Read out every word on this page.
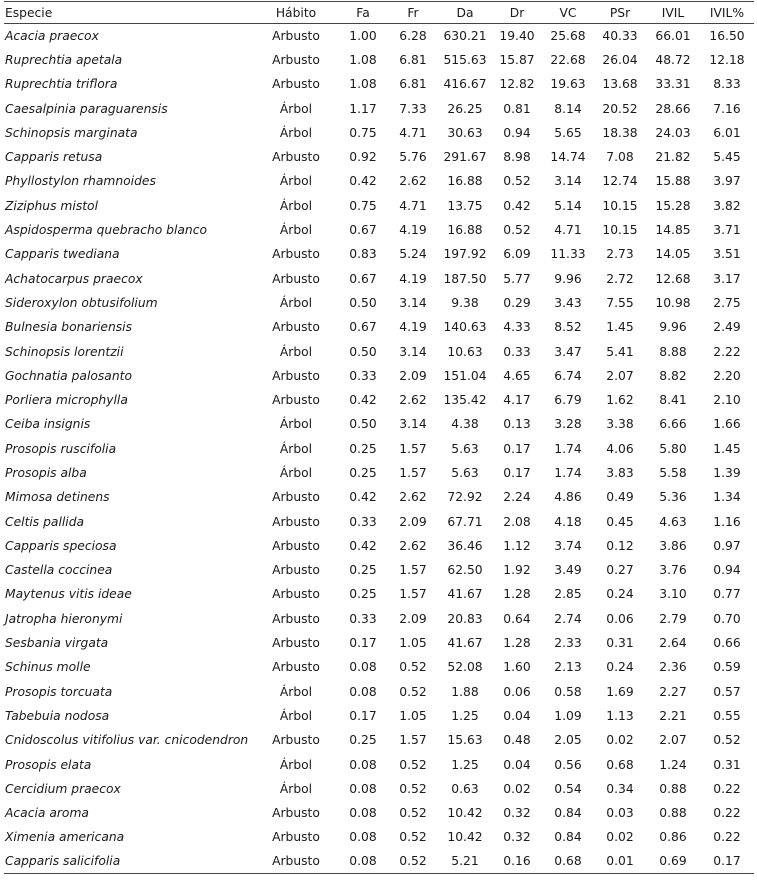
Especie	Hábito	Fa	Fr	Da	Dr	VC	PSr	IVIL	IVIL%
Acacia praecox	Arbusto	1.00	6.28	630.21	19.40	25.68	40.33	66.01	16.50
Ruprechtia apetala	Arbusto	1.08	6.81	515.63	15.87	22.68	26.04	48.72	12.18
Ruprechtia triflora	Arbusto	1.08	6.81	416.67	12.82	19.63	13.68	33.31	8.33
Caesalpinia paraguarensis	Árbol	1.17	7.33	26.25	0.81	8.14	20.52	28.66	7.16
Schinopsis marginata	Árbol	0.75	4.71	30.63	0.94	5.65	18.38	24.03	6.01
Capparis retusa	Arbusto	0.92	5.76	291.67	8.98	14.74	7.08	21.82	5.45
Phyllostylon rhamnoides	Árbol	0.42	2.62	16.88	0.52	3.14	12.74	15.88	3.97
Ziziphus mistol	Árbol	0.75	4.71	13.75	0.42	5.14	10.15	15.28	3.82
Aspidosperma quebracho blanco	Árbol	0.67	4.19	16.88	0.52	4.71	10.15	14.85	3.71
Capparis twediana	Arbusto	0.83	5.24	197.92	6.09	11.33	2.73	14.05	3.51
Achatocarpus praecox	Arbusto	0.67	4.19	187.50	5.77	9.96	2.72	12.68	3.17
Sideroxylon obtusifolium	Árbol	0.50	3.14	9.38	0.29	3.43	7.55	10.98	2.75
Bulnesia bonariensis	Arbusto	0.67	4.19	140.63	4.33	8.52	1.45	9.96	2.49
Schinopsis lorentzii	Árbol	0.50	3.14	10.63	0.33	3.47	5.41	8.88	2.22
Gochnatia palosanto	Arbusto	0.33	2.09	151.04	4.65	6.74	2.07	8.82	2.20
Porliera microphylla	Arbusto	0.42	2.62	135.42	4.17	6.79	1.62	8.41	2.10
Ceiba insignis	Árbol	0.50	3.14	4.38	0.13	3.28	3.38	6.66	1.66
Prosopis ruscifolia	Árbol	0.25	1.57	5.63	0.17	1.74	4.06	5.80	1.45
Prosopis alba	Árbol	0.25	1.57	5.63	0.17	1.74	3.83	5.58	1.39
Mimosa detinens	Arbusto	0.42	2.62	72.92	2.24	4.86	0.49	5.36	1.34
Celtis pallida	Arbusto	0.33	2.09	67.71	2.08	4.18	0.45	4.63	1.16
Capparis speciosa	Arbusto	0.42	2.62	36.46	1.12	3.74	0.12	3.86	0.97
Castella coccinea	Arbusto	0.25	1.57	62.50	1.92	3.49	0.27	3.76	0.94
Maytenus vitis ideae	Arbusto	0.25	1.57	41.67	1.28	2.85	0.24	3.10	0.77
Jatropha hieronymi	Arbusto	0.33	2.09	20.83	0.64	2.74	0.06	2.79	0.70
Sesbania virgata	Arbusto	0.17	1.05	41.67	1.28	2.33	0.31	2.64	0.66
Schinus molle	Arbusto	0.08	0.52	52.08	1.60	2.13	0.24	2.36	0.59
Prosopis torcuata	Árbol	0.08	0.52	1.88	0.06	0.58	1.69	2.27	0.57
Tabebuia nodosa	Árbol	0.17	1.05	1.25	0.04	1.09	1.13	2.21	0.55
Cnidoscolus vitifolius var. cnicodendron	Arbusto	0.25	1.57	15.63	0.48	2.05	0.02	2.07	0.52
Prosopis elata	Árbol	0.08	0.52	1.25	0.04	0.56	0.68	1.24	0.31
Cercidium praecox	Árbol	0.08	0.52	0.63	0.02	0.54	0.34	0.88	0.22
Acacia aroma	Arbusto	0.08	0.52	10.42	0.32	0.84	0.03	0.88	0.22
Ximenia americana	Arbusto	0.08	0.52	10.42	0.32	0.84	0.02	0.86	0.22
Capparis salicifolia	Arbusto	0.08	0.52	5.21	0.16	0.68	0.01	0.69	0.17
